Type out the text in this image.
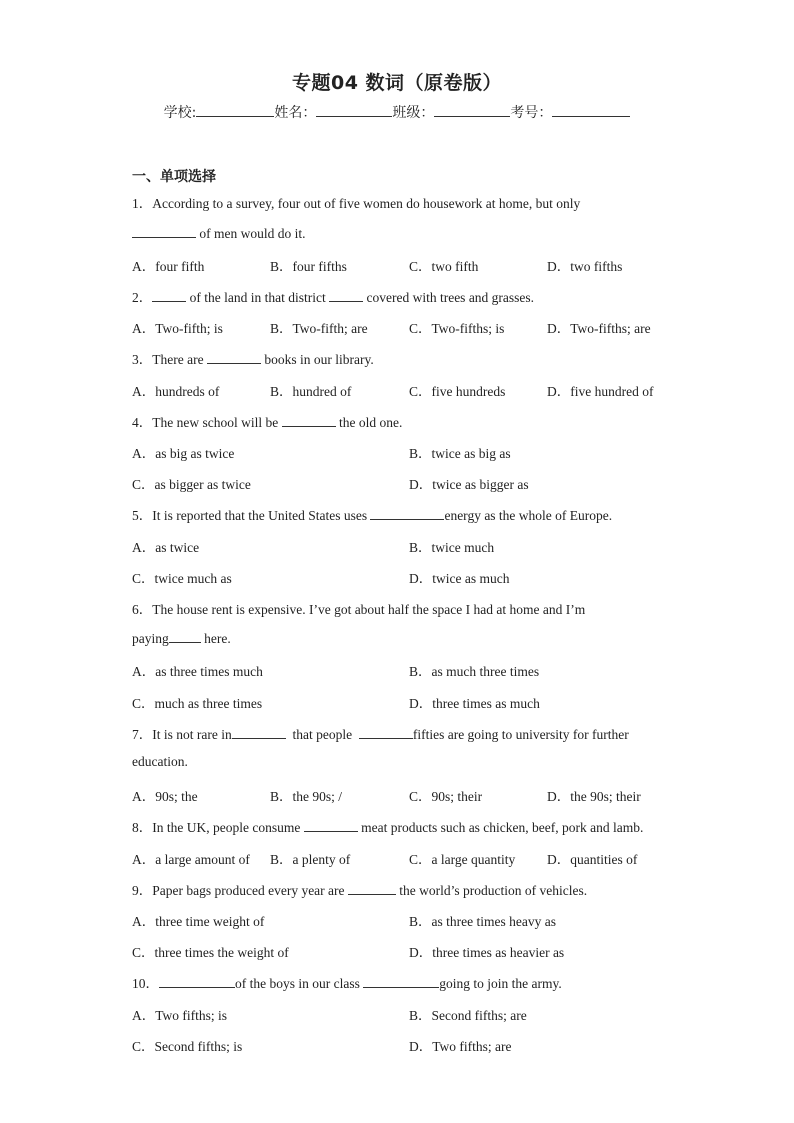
专题04 数词（原卷版）
学校:	姓名：	班级：	考号：
一、单项选择
1．According to a survey, four out of five women do housework at home, but only
of men would do it.
A．four fifth	B．four fifths	C．two fifth	D．two fifths
2．	of the land in that district	covered with trees and grasses.
A．Two-fifth; is	B．Two-fifth; are	C．Two-fifths; is	D．Two-fifths; are
3．There are	books in our library.
A．hundreds of	B．hundred of	C．five hundreds	D．five hundred of
4．The new school will be	the old one.
A．as big as twice	B．twice as big as
C．as bigger as twice	D．twice as bigger as
5．It is reported that the United States uses	energy as the whole of Europe.
A．as twice	B．twice much
C．twice much as	D．twice as much
6．The house rent is expensive. I’ve got about half the space I had at home and I’m
paying	here.
A．as three times much	B．as much three times
C．much as three times	D．three times as much
7．It is not rare in	that people	fifties are going to university for further
education.
A．90s; the	B．the 90s; /	C．90s; their	D．the 90s; their
8．In the UK, people consume	meat products such as chicken, beef, pork and lamb.
A．a large amount of B．a plenty of	C．a large quantity D．quantities of
9．Paper bags produced every year are	the world’s production of vehicles.
A．three time weight of	B．as three times heavy as
C．three times the weight of	D．three times as heavier as
10．	of the boys in our class	going to join the army.
A．Two fifths; is	B．Second fifths; are
C．Second fifths; is	D．Two fifths; are
